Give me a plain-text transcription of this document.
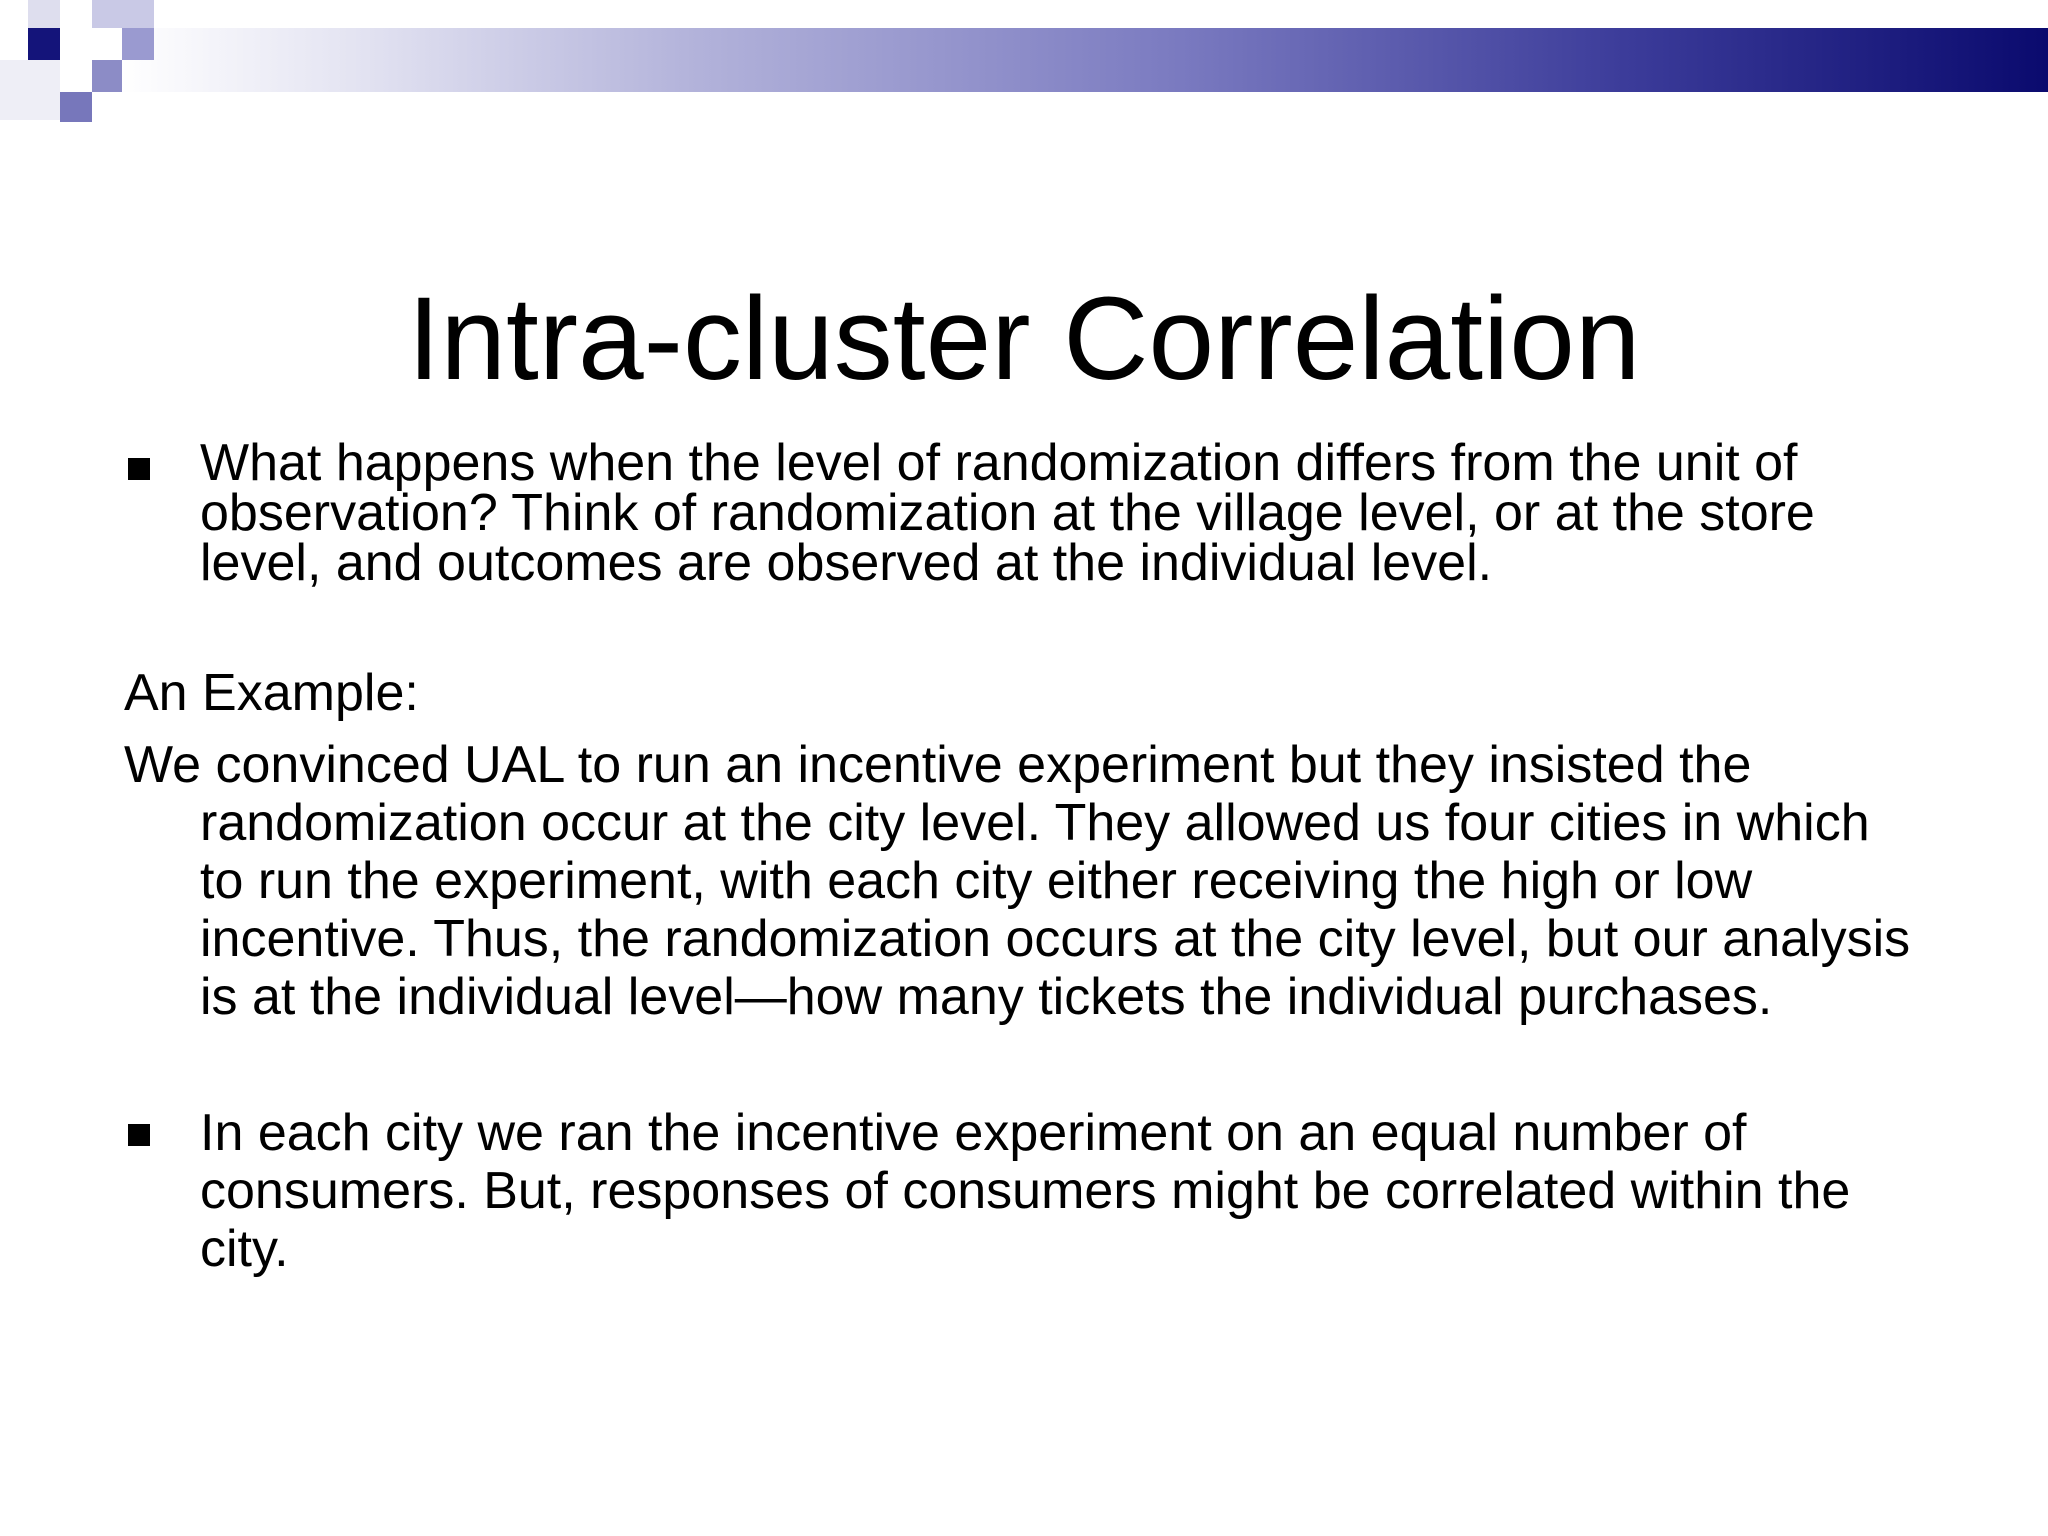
Intra-cluster Correlation
What happens when the level of randomization differs from the unit of observation? Think of randomization at the village level, or at the store level, and outcomes are observed at the individual level.
An Example:
We convinced UAL to run an incentive experiment but they insisted the randomization occur at the city level. They allowed us four cities in which to run the experiment, with each city either receiving the high or low incentive. Thus, the randomization occurs at the city level, but our analysis is at the individual level—how many tickets the individual purchases.
In each city we ran the incentive experiment on an equal number of consumers. But, responses of consumers might be correlated within the city.
